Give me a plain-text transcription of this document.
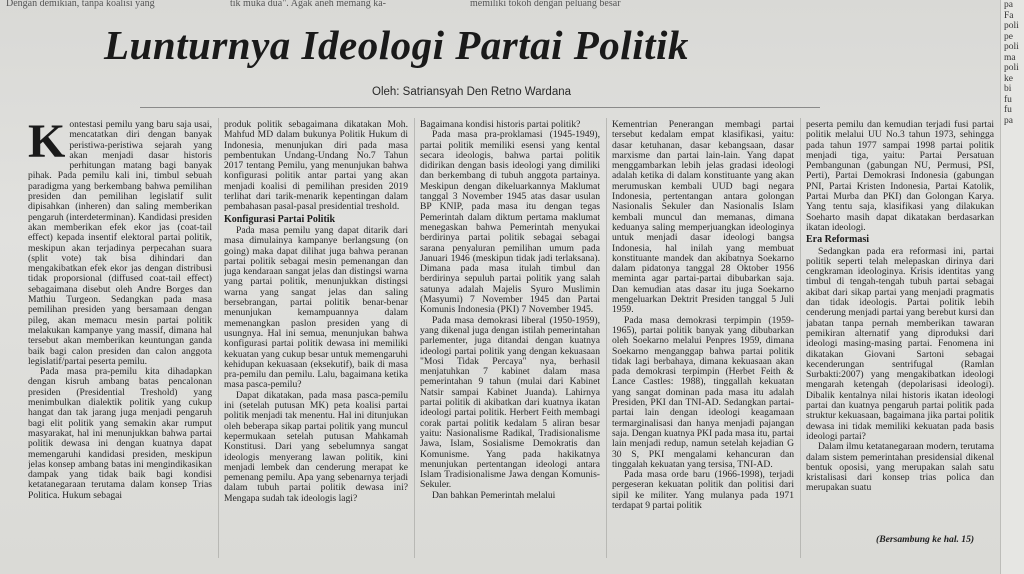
Dengan demikian, tanpa koalisi yang	tik muka dua". Agak aneh memang ka-	memiliki tokoh dengan peluang besar
Lunturnya Ideologi Partai Politik
Oleh: Satriansyah Den Retno Wardana
K ontestasi pemilu yang baru saja usai, mencatatkan diri dengan banyak peristiwa-peristiwa sejarah yang akan menjadi dasar historis perhitungan matang bagi banyak pihak. Pada pemilu kali ini, timbul sebuah paradigma yang berkembang bahwa pemilihan presiden dan pemilihan legislatif sulit dipisahkan (inheren) dan saling memberikan pengaruh (interdeterminan). Kandidasi presiden akan memberikan efek ekor jas (coat-tail effect) kepada insentif elektoral partai politik, meskipun akan terjadinya perpecahan suara (split vote) tak bisa dihindari dan mengakibatkan efek ekor jas dengan distribusi tidak proporsional (diffused coat-tail effect) sebagaimana disebut oleh Andre Borges dan Mathiu Turgeon. Sedangkan pada masa pemilihan presiden yang bersamaan dengan pileg, akan memacu mesin partai politik melakukan kampanye yang massif, dimana hal tersebut akan memberikan keuntungan ganda baik bagi calon presiden dan calon anggota legislatif/partai peserta pemilu.

Pada masa pra-pemilu kita dihadapkan dengan kisruh ambang batas pencalonan presiden (Presidential Treshold) yang menimbulkan dialektik politik yang cukup hangat dan tak jarang juga menjadi pengaruh bagi elit politik yang semakin akar rumput masyarakat, hal ini menunjukkan bahwa partai politik dewasa ini dengan kuatnya dapat memengaruhi kandidasi presiden, meskipun jelas konsep ambang batas ini mengindikasikan dampak yang tidak baik bagi kondisi ketatanegaraan terutama dalam konsep Trias Politica. Hukum sebagai

produk politik sebagaimana dikatakan Moh. Mahfud MD dalam bukunya Politik Hukum di Indonesia, menunjukan diri pada masa pembentukan Undang-Undang No.7 Tahun 2017 tentang Pemilu, yang menunjukan bahwa konfigurasi politik antar partai yang akan menjadi koalisi di pemilihan presiden 2019 terlihat dari tarik-menarik kepentingan dalam pembahasan pasal-pasal presidential treshold.

Konfigurasi Partai Politik

Pada masa pemilu yang dapat ditarik dari masa dimulainya kampanye berlangsung (on going) maka dapat dilihat juga bahwa peranan partai politik sebagai mesin pemenangan dan juga kendaraan sangat jelas dan distingsi warna yang partai politik, menunjukkan distingsi warna yang sangat jelas dan saling bersebrangan, partai politik benar-benar menunjukan kemampuannya dalam memenangkan paslon presiden yang di usungnya. Hal ini semua, menunjukan bahwa konfigurasi partai politik dewasa ini memiliki kekuatan yang cukup besar untuk memengaruhi kehidupan kekuasaan (eksekutif), baik di masa pra-pemilu dan pemilu. Lalu, bagaimana ketika masa pasca-pemilu?

Dapat dikatakan, pada masa pasca-pemilu ini (setelah putusan MK) peta koalisi partai politik menjadi tak menentu. Hal ini ditunjukan oleh beberapa sikap partai politik yang muncul kepermukaan setelah putusan Mahkamah Konstitusi. Dari yang sebelumnya sangat ideologis menyerang lawan politik, kini menjadi lembek dan cenderung merapat ke pemenang pemilu. Apa yang sebenarnya terjadi dalam tubuh partai politik dewasa ini? Mengapa sudah tak ideologis lagi?

Bagaimana kondisi historis partai politik?

Pada masa pra-proklamasi (1945-1949), partai politik memiliki esensi yang kental secara ideologis, bahwa partai politik didirikan dengan basis ideologi yang dimiliki dan berkembang di tubuh anggota partainya. Meskipun dengan dikeluarkannya Maklumat tanggal 3 November 1945 atas dasar usulan BP KNIP, pada masa itu dengan tegas Pemerintah dalam diktum pertama maklumat menegaskan bahwa Pemerintah menyukai berdirinya partai politik sebagai sebagai sarana penyaluran pemilihan umum pada Januari 1946 (meskipun tidak jadi terlaksana). Dimana pada masa itulah timbul dan berdirinya sepuluh partai politik yang salah satunya adalah Majelis Syuro Muslimin (Masyumi) 7 November 1945 dan Partai Komunis Indonesia (PKI) 7 November 1945.

Pada masa demokrasi liberal (1950-1959), yang dikenal juga dengan istilah pemerintahan parlementer, juga ditandai dengan kuatnya ideologi partai politik yang dengan kekuasaan "Mosi Tidak Percaya" nya, berhasil menjatuhkan 7 kabinet dalam masa pemerintahan 9 tahun (mulai dari Kabinet Natsir sampai Kabinet Juanda). Lahirnya partai politik di akibatkan dari kuatnya ikatan ideologi partai politik. Herbert Feith membagi corak partai politik kedalam 5 aliran besar yaitu: Nasionalisme Radikal, Tradisionalisme Jawa, Islam, Sosialisme Demokratis dan Komunisme. Yang pada hakikatnya menunjukan pertentangan ideologi antara Islam Tradisionalisme Jawa dengan Komunis-Sekuler.

Dan bahkan Pemerintah melalui

Kementrian Penerangan membagi partai tersebut kedalam empat klasifikasi, yaitu: dasar ketuhanan, dasar kebangsaan, dasar marxisme dan partai lain-lain. Yang dapat menggambarkan lebih jelas gradasi ideologi adalah ketika di dalam konstituante yang akan merumuskan kembali UUD bagi negara Indonesia, pertentangan antara golongan Nasionalis Sekuler dan Nasionalis Islam kembali muncul dan memanas, dimana keduanya saling memperjuangkan ideologinya untuk menjadi dasar ideologi bangsa Indonesia, hal inilah yang membuat konstituante mandek dan akibatnya Soekarno dalam pidatonya tanggal 28 Oktober 1956 meminta agar partai-partai dibubarkan saja. Dan kemudian atas dasar itu juga Soekarno mengeluarkan Dektrit Presiden tanggal 5 Juli 1959.

Pada masa demokrasi terpimpin (1959-1965), partai politik banyak yang dibubarkan oleh Soekarno melalui Penpres 1959, dimana Soekarno menganggap bahwa partai politik tidak lagi berbahaya, dimana kekuasaan akan pada demokrasi terpimpin (Herbet Feith & Lance Castles: 1988), tinggallah kekuatan yang sangat dominan pada masa itu adalah Presiden, PKI dan TNI-AD. Sedangkan partai-partai lain dengan ideologi keagamaan termarginalisasi dan hanya menjadi pajangan saja. Dengan kuatnya PKI pada masa itu, partai lain menjadi redup, namun setelah kejadian G 30 S, PKI mengalami kehancuran dan tinggalah kekuatan yang tersisa, TNI-AD.

Pada masa orde baru (1966-1998), terjadi pergeseran kekuatan politik dan politisi dari sipil ke militer. Yang mulanya pada 1971 terdapat 9 partai politik

peserta pemilu dan kemudian terjadi fusi partai politik melalui UU No.3 tahun 1973, sehingga pada tahun 1977 sampai 1998 partai politik menjadi tiga, yaitu: Partai Persatuan Pembangunan (gabungan NU, Permusi, PSI, Perti), Partai Demokrasi Indonesia (gabungan PNI, Partai Kristen Indonesia, Partai Katolik, Partai Murba dan PKI) dan Golongan Karya. Yang tentu saja, klasifikasi yang dilakukan Soeharto masih dapat dikatakan berdasarkan ikatan ideologi.

Era Reformasi

Sedangkan pada era reformasi ini, partai politik seperti telah melepaskan dirinya dari cengkraman ideologinya. Krisis identitas yang timbul di tengah-tengah tubuh partai sebagai akibat dari sikap partai yang menjadi pragmatis dan tidak ideologis. Partai politik lebih cenderung menjadi partai yang berebut kursi dan jabatan tanpa pernah memberikan tawaran pemikiran alternatif yang diproduksi dari ideologi masing-masing partai. Fenomena ini dikatakan Giovani Sartoni sebagai kecenderungan sentrifugal (Ramlan Surbakti:2007) yang mengakibatkan ideologi mengarah ketengah (depolarisasi ideologi). Dibalik kentalnya nilai historis ikatan ideologi partai dan kuatnya pengaruh partai politik pada struktur kekuasaan, bagaimana jika partai politik dewasa ini tidak memiliki kekuatan pada basis ideologi partai?

Dalam ilmu ketatanegaraan modern, terutama dalam sistem pemerintahan presidensial dikenal bentuk oposisi, yang merupakan salah satu kristalisasi dari konsep trias polica dan merupakan suatu

(Bersambung ke hal. 15)
pa
Fa
poli
pe
poli
ma
poli
ke
bi
fu
fu
pa
